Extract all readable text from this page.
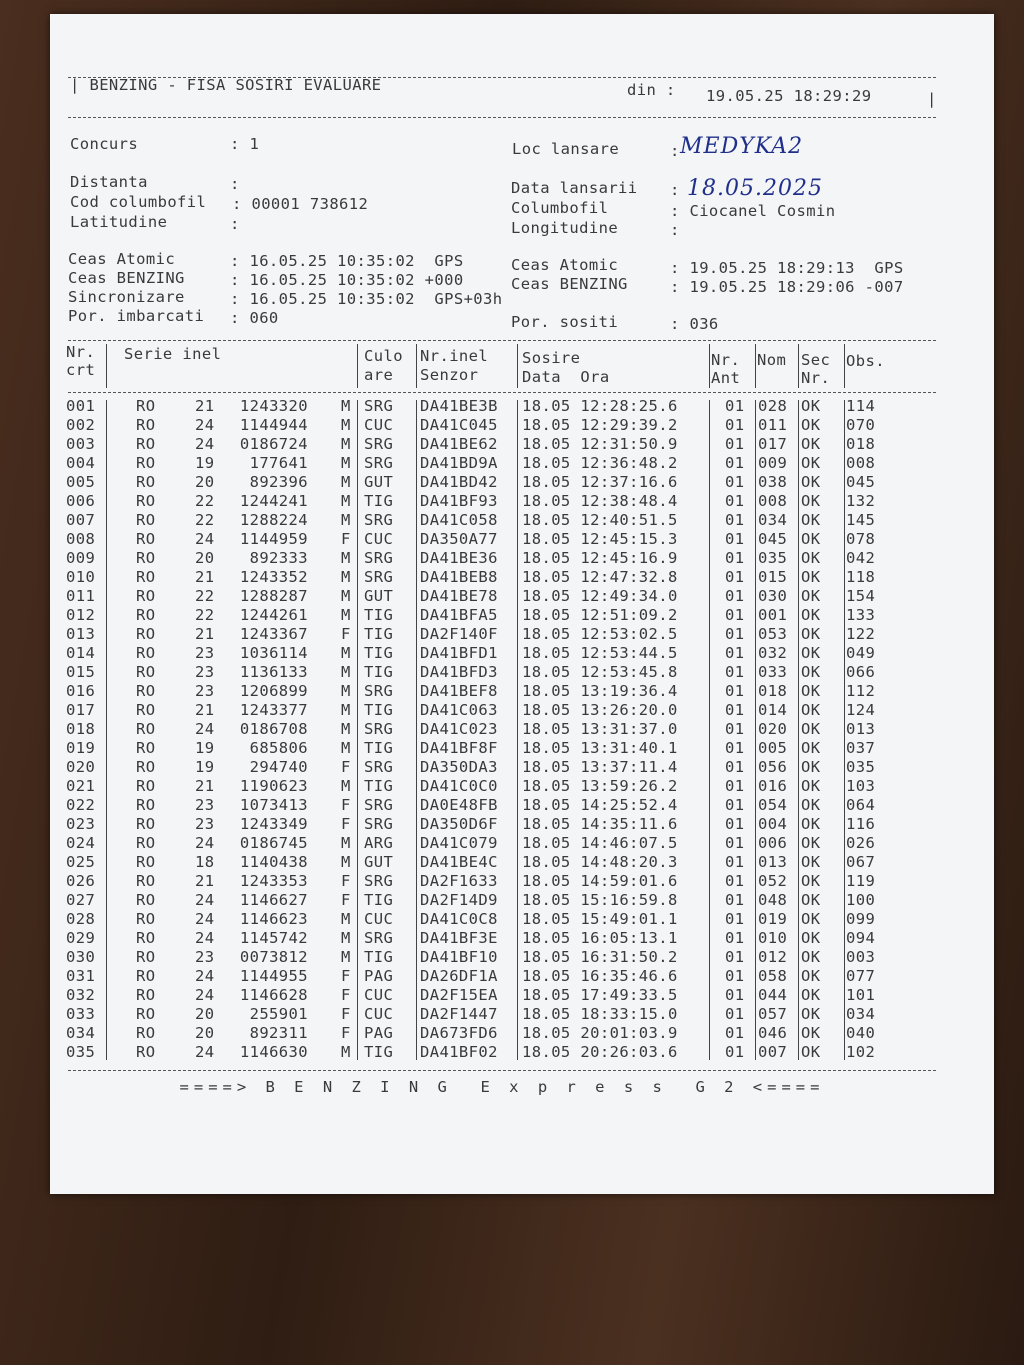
| BENZING - FISA SOSIRI EVALUARE	din : 19.05.25 18:29:29	|
Concurs	: 1	Loc lansare	: MEDYKA2
Distanta	:
Cod columbofil : 00001 738612
Latitudine	:
Data lansarii : 18.05.2025
Columbofil	: Ciocanel Cosmin
Longitudine	:
Ceas Atomic	: 16.05.25 10:35:02  GPS
Ceas BENZING	: 16.05.25 10:35:02 +000
Sincronizare	: 16.05.25 10:35:02  GPS+03h
Por. imbarcati : 060
Ceas Atomic	: 19.05.25 18:29:13  GPS
Ceas BENZING	: 19.05.25 18:29:06 -007
Por. sositi	: 036
Nr.
crt
Serie inel	Culo
are
Nr.inel
Senzor
Sosire
Data  Ora
Nr.
Ant
Nom Sec
Nr.
Obs.
001	RO	21	1243320 M SRG DA41BE3B 18.05 12:28:25.6	01 028 OK 114
002	RO	24	1144944 M CUC DA41C045 18.05 12:29:39.2	01 011 OK 070
003	RO	24	0186724 M SRG DA41BE62 18.05 12:31:50.9	01 017 OK 018
004	RO	19	177641 M SRG DA41BD9A 18.05 12:36:48.2	01 009 OK 008
005	RO	20	892396 M GUT DA41BD42 18.05 12:37:16.6	01 038 OK 045
006	RO	22	1244241 M TIG DA41BF93 18.05 12:38:48.4	01 008 OK 132
007	RO	22	1288224 M SRG DA41C058 18.05 12:40:51.5	01 034 OK 145
008	RO	24	1144959 F CUC DA350A77 18.05 12:45:15.3	01 045 OK 078
009	RO	20	892333 M SRG DA41BE36 18.05 12:45:16.9	01 035 OK 042
010	RO	21	1243352 M SRG DA41BEB8 18.05 12:47:32.8	01 015 OK 118
011	RO	22	1288287 M GUT DA41BE78 18.05 12:49:34.0	01 030 OK 154
012	RO	22	1244261 M TIG DA41BFA5 18.05 12:51:09.2	01 001 OK 133
013	RO	21	1243367 F TIG DA2F140F 18.05 12:53:02.5	01 053 OK 122
014	RO	23	1036114 M TIG DA41BFD1 18.05 12:53:44.5	01 032 OK 049
015	RO	23	1136133 M TIG DA41BFD3 18.05 12:53:45.8	01 033 OK 066
016	RO	23	1206899 M SRG DA41BEF8 18.05 13:19:36.4	01 018 OK 112
017	RO	21	1243377 M TIG DA41C063 18.05 13:26:20.0	01 014 OK 124
018	RO	24	0186708 M SRG DA41C023 18.05 13:31:37.0	01 020 OK 013
019	RO	19	685806 M TIG DA41BF8F 18.05 13:31:40.1	01 005 OK 037
020	RO	19	294740 F SRG DA350DA3 18.05 13:37:11.4	01 056 OK 035
021	RO	21	1190623 M TIG DA41C0C0 18.05 13:59:26.2	01 016 OK 103
022	RO	23	1073413 F SRG DA0E48FB 18.05 14:25:52.4	01 054 OK 064
023	RO	23	1243349 F SRG DA350D6F 18.05 14:35:11.6	01 004 OK 116
024	RO	24	0186745 M ARG DA41C079 18.05 14:46:07.5	01 006 OK 026
025	RO	18	1140438 M GUT DA41BE4C 18.05 14:48:20.3	01 013 OK 067
026	RO	21	1243353 F SRG DA2F1633 18.05 14:59:01.6	01 052 OK 119
027	RO	24	1146627 F TIG DA2F14D9 18.05 15:16:59.8	01 048 OK 100
028	RO	24	1146623 M CUC DA41C0C8 18.05 15:49:01.1	01 019 OK 099
029	RO	24	1145742 M SRG DA41BF3E 18.05 16:05:13.1	01 010 OK 094
030	RO	23	0073812 M TIG DA41BF10 18.05 16:31:50.2	01 012 OK 003
031	RO	24	1144955 F PAG DA26DF1A 18.05 16:35:46.6	01 058 OK 077
032	RO	24	1146628 F CUC DA2F15EA 18.05 17:49:33.5	01 044 OK 101
033	RO	20	255901 F CUC DA2F1447 18.05 18:33:15.0	01 057 OK 034
034	RO	20	892311 F PAG DA673FD6 18.05 20:01:03.9	01 046 OK 040
035	RO	24	1146630 M TIG DA41BF02 18.05 20:26:03.6	01 007 OK 102
====> B E N Z I N G  E x p r e s s  G 2 <====
